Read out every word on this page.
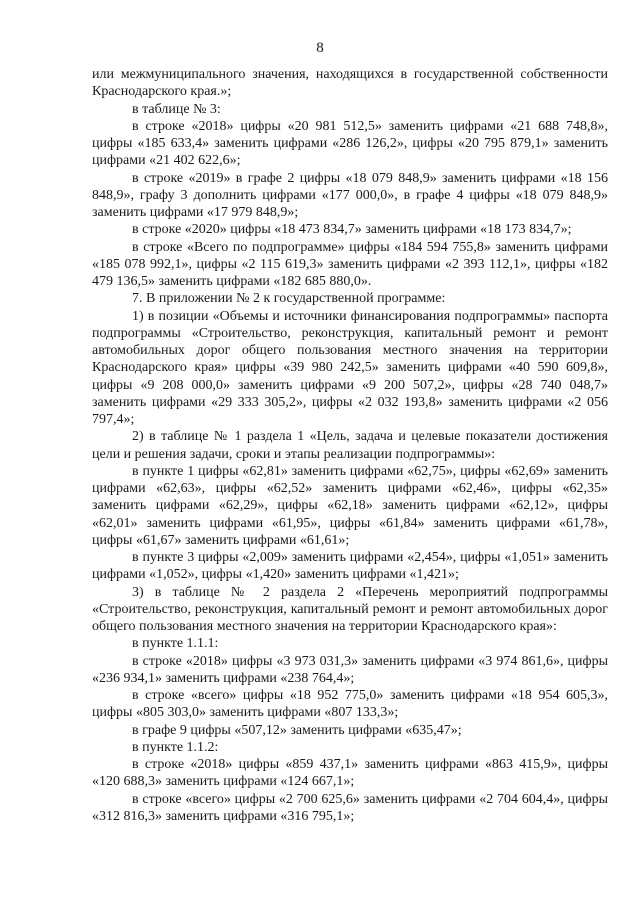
8

или межмуниципального значения, находящихся в государственной собственности Краснодарского края.»;

в таблице № 3:

в строке «2018» цифры «20 981 512,5» заменить цифрами «21 688 748,8», цифры «185 633,4» заменить цифрами «286 126,2», цифры «20 795 879,1» заменить цифрами «21 402 622,6»;

в строке «2019» в графе 2 цифры «18 079 848,9» заменить цифрами «18 156 848,9», графу 3 дополнить цифрами «177 000,0», в графе 4 цифры «18 079 848,9» заменить цифрами «17 979 848,9»;

в строке «2020» цифры «18 473 834,7» заменить цифрами «18 173 834,7»;

в строке «Всего по подпрограмме» цифры «184 594 755,8» заменить цифрами «185 078 992,1», цифры «2 115 619,3» заменить цифрами «2 393 112,1», цифры «182 479 136,5» заменить цифрами «182 685 880,0».

7. В приложении № 2 к государственной программе:

1) в позиции «Объемы и источники финансирования подпрограммы» паспорта подпрограммы «Строительство, реконструкция, капитальный ремонт и ремонт автомобильных дорог общего пользования местного значения на территории Краснодарского края» цифры «39 980 242,5» заменить цифрами «40 590 609,8», цифры «9 208 000,0» заменить цифрами «9 200 507,2», цифры «28 740 048,7» заменить цифрами «29 333 305,2», цифры «2 032 193,8» заменить цифрами «2 056 797,4»;

2) в таблице № 1 раздела 1 «Цель, задача и целевые показатели достижения цели и решения задачи, сроки и этапы реализации подпрограммы»:

в пункте 1 цифры «62,81» заменить цифрами «62,75», цифры «62,69» заменить цифрами «62,63», цифры «62,52» заменить цифрами «62,46», цифры «62,35» заменить цифрами «62,29», цифры «62,18» заменить цифрами «62,12», цифры «62,01» заменить цифрами «61,95», цифры «61,84» заменить цифрами «61,78», цифры «61,67» заменить цифрами «61,61»;

в пункте 3 цифры «2,009» заменить цифрами «2,454», цифры «1,051» заменить цифрами «1,052», цифры «1,420» заменить цифрами «1,421»;

3) в таблице № 2 раздела 2 «Перечень мероприятий подпрограммы «Строительство, реконструкция, капитальный ремонт и ремонт автомобильных дорог общего пользования местного значения на территории Краснодарского края»:

в пункте 1.1.1:

в строке «2018» цифры «3 973 031,3» заменить цифрами «3 974 861,6», цифры «236 934,1» заменить цифрами «238 764,4»;

в строке «всего» цифры «18 952 775,0» заменить цифрами «18 954 605,3», цифры «805 303,0» заменить цифрами «807 133,3»;

в графе 9 цифры «507,12» заменить цифрами «635,47»;

в пункте 1.1.2:

в строке «2018» цифры «859 437,1» заменить цифрами «863 415,9», цифры «120 688,3» заменить цифрами «124 667,1»;

в строке «всего» цифры «2 700 625,6» заменить цифрами «2 704 604,4», цифры «312 816,3» заменить цифрами «316 795,1»;
